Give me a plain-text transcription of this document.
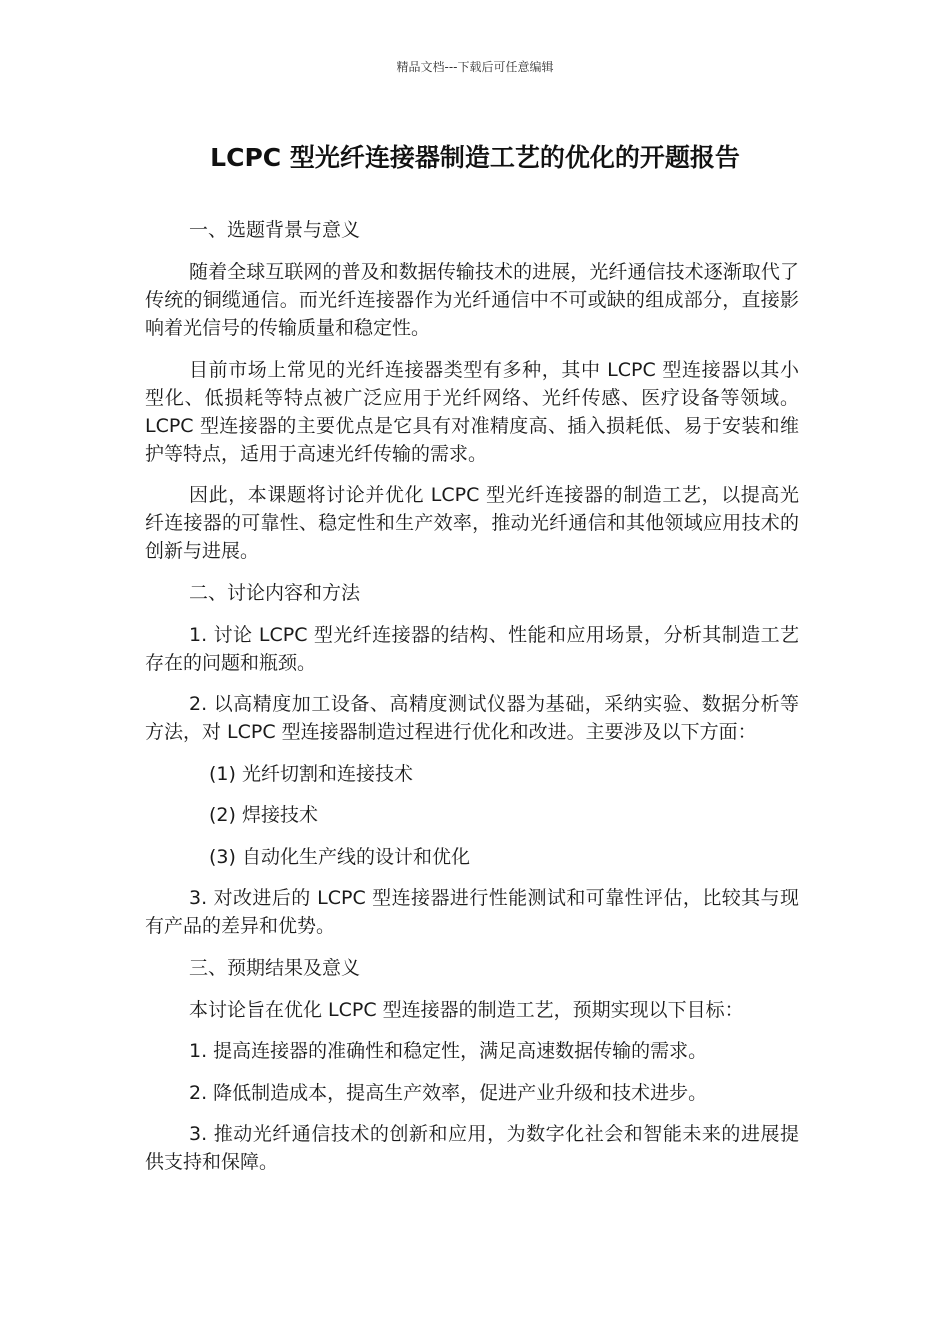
精品文档---下载后可任意编辑
LCPC 型光纤连接器制造工艺的优化的开题报告

一、选题背景与意义

随着全球互联网的普及和数据传输技术的进展，光纤通信技术逐渐取代了传统的铜缆通信。而光纤连接器作为光纤通信中不可或缺的组成部分，直接影响着光信号的传输质量和稳定性。

目前市场上常见的光纤连接器类型有多种，其中 LCPC 型连接器以其小型化、低损耗等特点被广泛应用于光纤网络、光纤传感、医疗设备等领域。LCPC 型连接器的主要优点是它具有对准精度高、插入损耗低、易于安装和维护等特点，适用于高速光纤传输的需求。

因此，本课题将讨论并优化 LCPC 型光纤连接器的制造工艺，以提高光纤连接器的可靠性、稳定性和生产效率，推动光纤通信和其他领域应用技术的创新与进展。

二、讨论内容和方法

1. 讨论 LCPC 型光纤连接器的结构、性能和应用场景，分析其制造工艺存在的问题和瓶颈。

2. 以高精度加工设备、高精度测试仪器为基础，采纳实验、数据分析等方法，对 LCPC 型连接器制造过程进行优化和改进。主要涉及以下方面：

(1) 光纤切割和连接技术

(2) 焊接技术

(3) 自动化生产线的设计和优化

3. 对改进后的 LCPC 型连接器进行性能测试和可靠性评估，比较其与现有产品的差异和优势。

三、预期结果及意义

本讨论旨在优化 LCPC 型连接器的制造工艺，预期实现以下目标：

1. 提高连接器的准确性和稳定性，满足高速数据传输的需求。

2. 降低制造成本，提高生产效率，促进产业升级和技术进步。

3. 推动光纤通信技术的创新和应用，为数字化社会和智能未来的进展提供支持和保障。
